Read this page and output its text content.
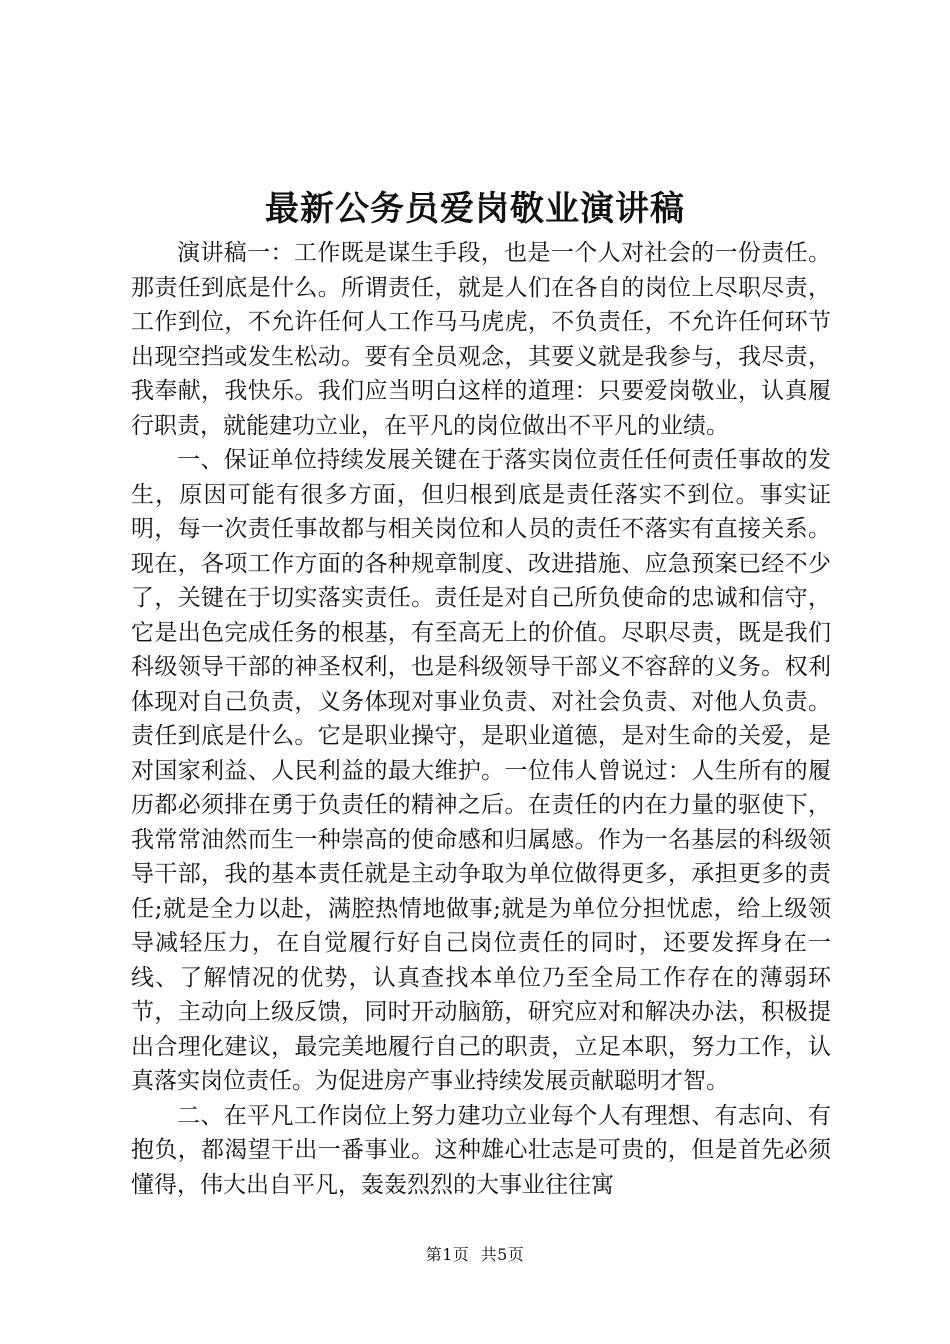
最新公务员爱岗敬业演讲稿

演讲稿一：工作既是谋生手段，也是一个人对社会的一份责任。那责任到底是什么。所谓责任，就是人们在各自的岗位上尽职尽责，工作到位，不允许任何人工作马马虎虎，不负责任，不允许任何环节出现空挡或发生松动。要有全员观念，其要义就是我参与，我尽责，我奉献，我快乐。我们应当明白这样的道理：只要爱岗敬业，认真履行职责，就能建功立业，在平凡的岗位做出不平凡的业绩。

一、保证单位持续发展关键在于落实岗位责任任何责任事故的发生，原因可能有很多方面，但归根到底是责任落实不到位。事实证明，每一次责任事故都与相关岗位和人员的责任不落实有直接关系。现在，各项工作方面的各种规章制度、改进措施、应急预案已经不少了，关键在于切实落实责任。责任是对自己所负使命的忠诚和信守，它是出色完成任务的根基，有至高无上的价值。尽职尽责，既是我们科级领导干部的神圣权利，也是科级领导干部义不容辞的义务。权利体现对自己负责，义务体现对事业负责、对社会负责、对他人负责。责任到底是什么。它是职业操守，是职业道德，是对生命的关爱，是对国家利益、人民利益的最大维护。一位伟人曾说过：人生所有的履历都必须排在勇于负责任的精神之后。在责任的内在力量的驱使下，我常常油然而生一种崇高的使命感和归属感。作为一名基层的科级领导干部，我的基本责任就是主动争取为单位做得更多，承担更多的责任;就是全力以赴，满腔热情地做事;就是为单位分担忧虑，给上级领导减轻压力，在自觉履行好自己岗位责任的同时，还要发挥身在一线、了解情况的优势，认真查找本单位乃至全局工作存在的薄弱环节，主动向上级反馈，同时开动脑筋，研究应对和解决办法，积极提出合理化建议，最完美地履行自己的职责，立足本职，努力工作，认真落实岗位责任。为促进房产事业持续发展贡献聪明才智。

二、在平凡工作岗位上努力建功立业每个人有理想、有志向、有抱负，都渴望干出一番事业。这种雄心壮志是可贵的，但是首先必须懂得，伟大出自平凡，轰轰烈烈的大事业往往寓

第1页 共5页
